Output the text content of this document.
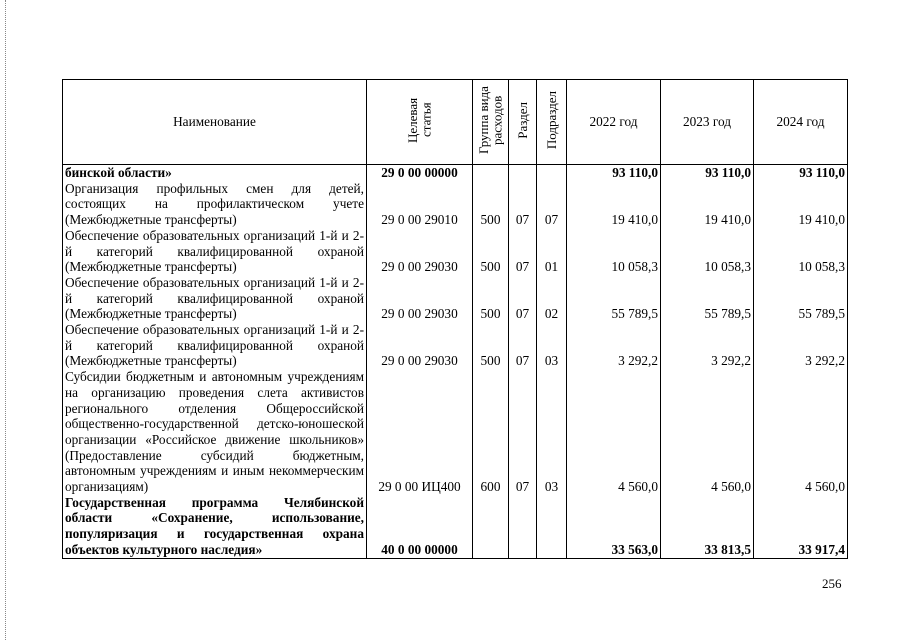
Наименование	Целевая статья	Группа вида расходов	Раздел	Подраздел	2022 год	2023 год	2024 год
бинской области»	29 0 00 00000				93 110,0	93 110,0	93 110,0
Организация профильных смен для детей, состоящих на профилактическом учете (Межбюджетные трансферты)	29 0 00 29010	500	07	07	19 410,0	19 410,0	19 410,0
Обеспечение образовательных организаций 1-й и 2-й категорий квалифицированной охраной (Межбюджетные трансферты)	29 0 00 29030	500	07	01	10 058,3	10 058,3	10 058,3
Обеспечение образовательных организаций 1-й и 2-й категорий квалифицированной охраной (Межбюджетные трансферты)	29 0 00 29030	500	07	02	55 789,5	55 789,5	55 789,5
Обеспечение образовательных организаций 1-й и 2-й категорий квалифицированной охраной (Межбюджетные трансферты)	29 0 00 29030	500	07	03	3 292,2	3 292,2	3 292,2
Субсидии бюджетным и автономным учреждениям на организацию проведения слета активистов регионального отделения Общероссийской общественно-государственной детско-юношеской организации «Российское движение школьников» (Предоставление субсидий бюджетным, автономным учреждениям и иным некоммерческим организациям)	29 0 00 ИЦ400	600	07	03	4 560,0	4 560,0	4 560,0
Государственная программа Челябинской области «Сохранение, использование, популяризация и государственная охрана объектов культурного наследия»	40 0 00 00000				33 563,0	33 813,5	33 917,4
256
